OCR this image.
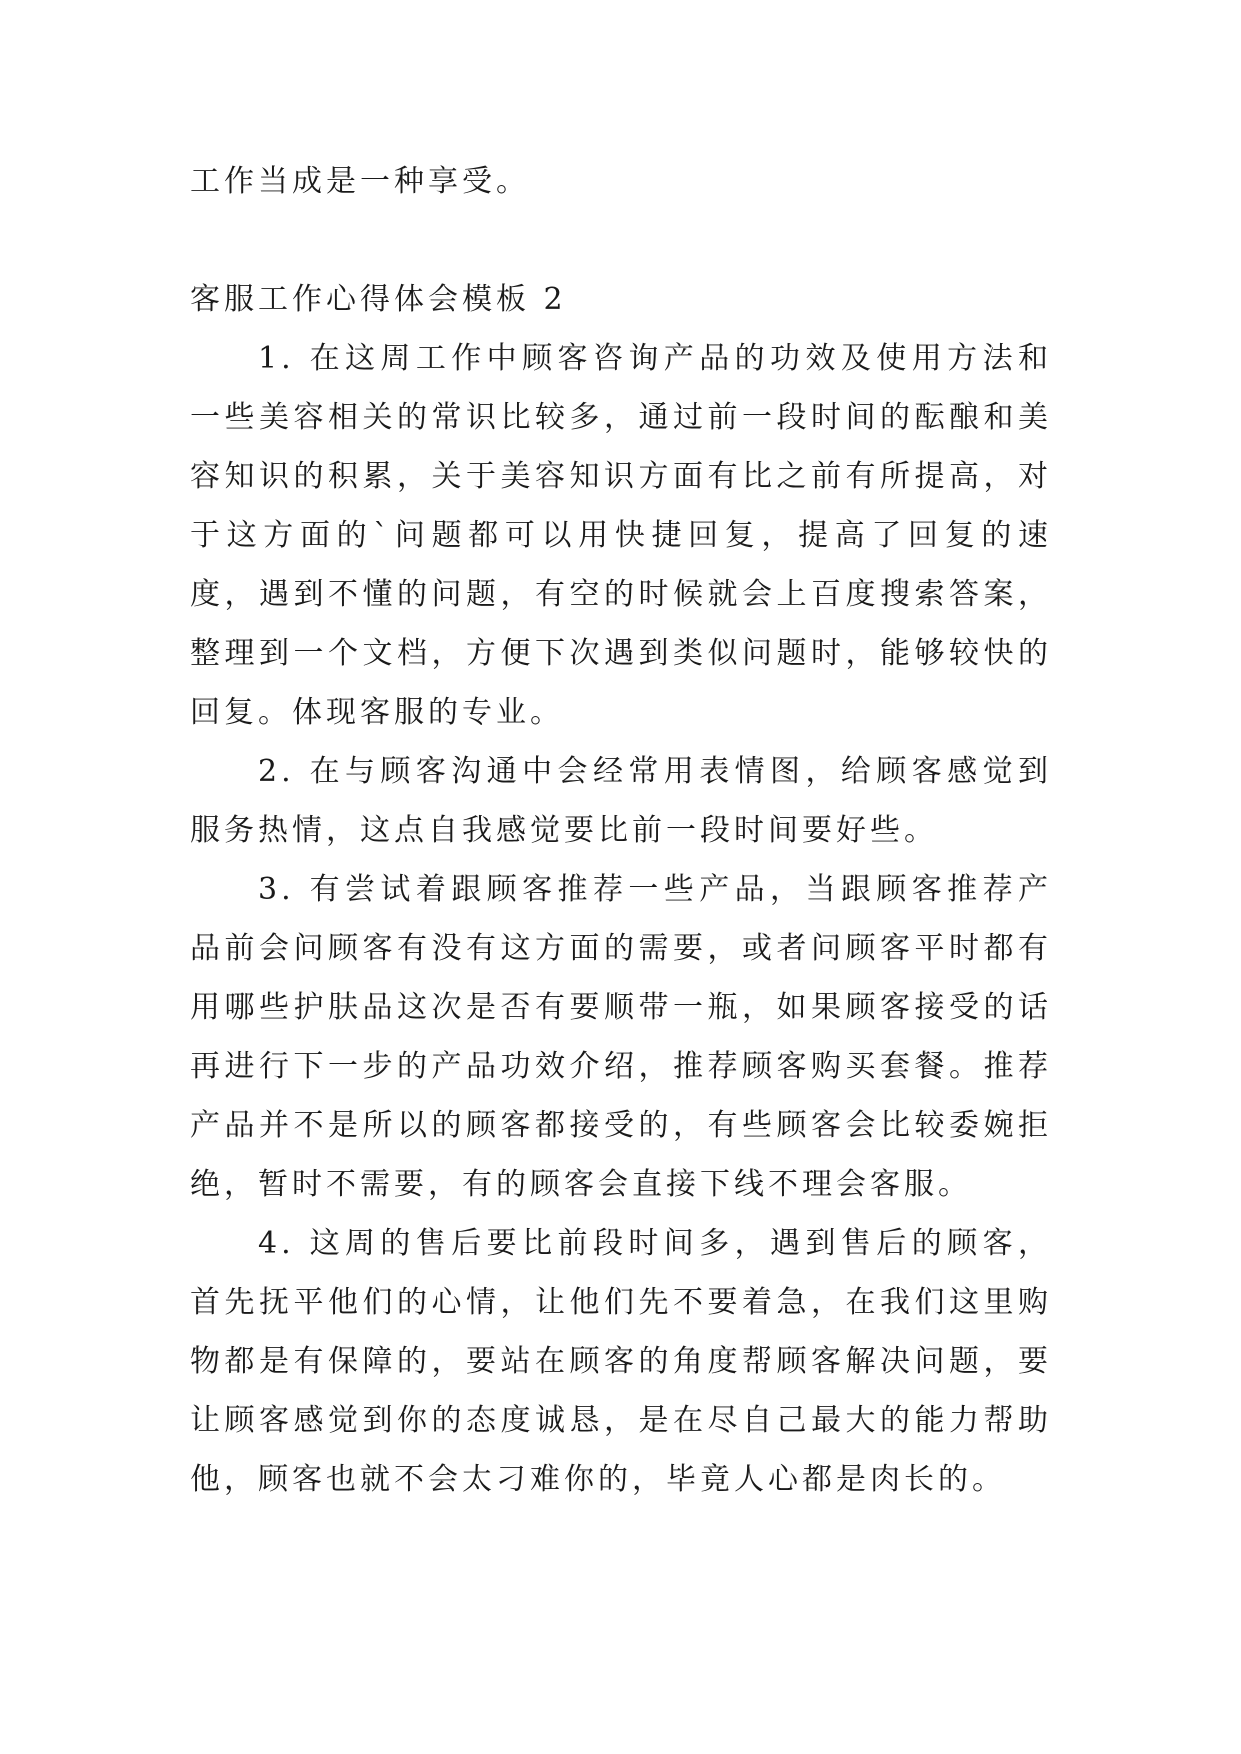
工作当成是一种享受。

客服工作心得体会模板 2

1. 在这周工作中顾客咨询产品的功效及使用方法和一些美容相关的常识比较多，通过前一段时间的酝酿和美容知识的积累，关于美容知识方面有比之前有所提高，对于这方面的`问题都可以用快捷回复，提高了回复的速度，遇到不懂的问题，有空的时候就会上百度搜索答案，整理到一个文档，方便下次遇到类似问题时，能够较快的回复。体现客服的专业。

2. 在与顾客沟通中会经常用表情图，给顾客感觉到服务热情，这点自我感觉要比前一段时间要好些。

3. 有尝试着跟顾客推荐一些产品，当跟顾客推荐产品前会问顾客有没有这方面的需要，或者问顾客平时都有用哪些护肤品这次是否有要顺带一瓶，如果顾客接受的话再进行下一步的产品功效介绍，推荐顾客购买套餐。推荐产品并不是所以的顾客都接受的，有些顾客会比较委婉拒绝，暂时不需要，有的顾客会直接下线不理会客服。

4. 这周的售后要比前段时间多，遇到售后的顾客，首先抚平他们的心情，让他们先不要着急，在我们这里购物都是有保障的，要站在顾客的角度帮顾客解决问题，要让顾客感觉到你的态度诚恳，是在尽自己最大的能力帮助他，顾客也就不会太刁难你的，毕竟人心都是肉长的。
